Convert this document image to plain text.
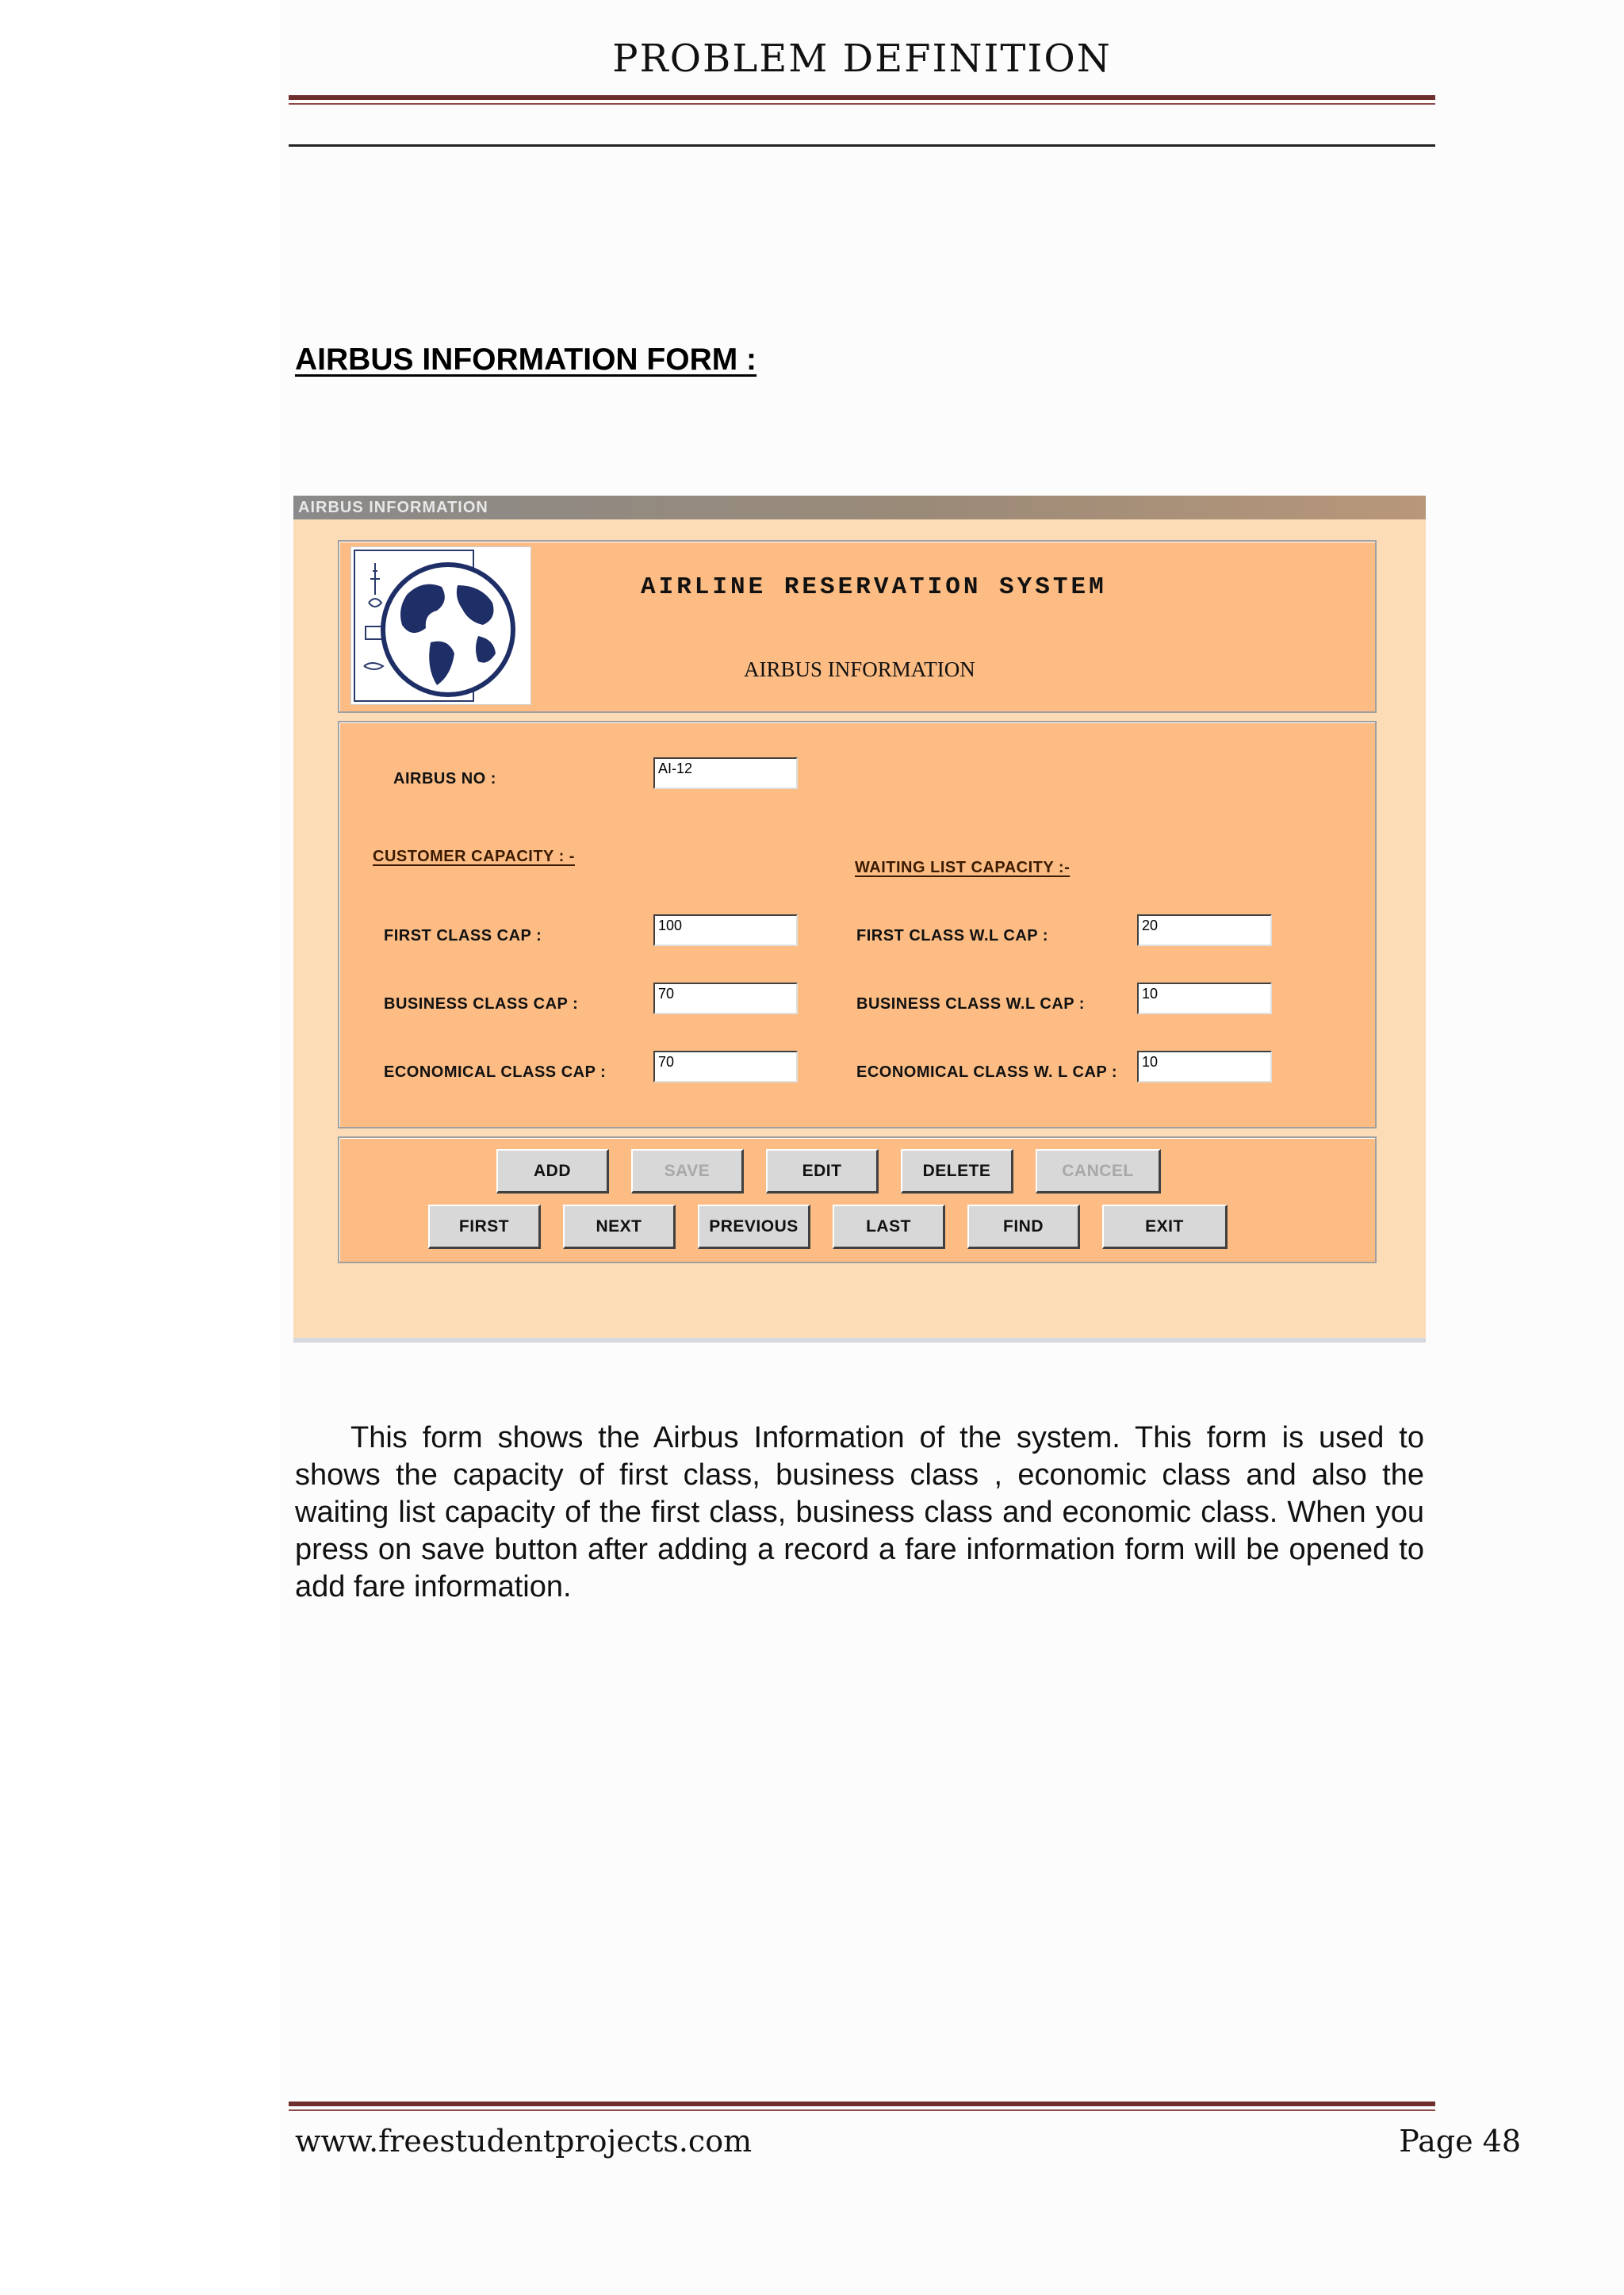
PROBLEM DEFINITION
AIRBUS INFORMATION FORM :
AIRBUS INFORMATION
AIRLINE RESERVATION SYSTEM
AIRBUS INFORMATION
AIRBUS NO :
AI-12
CUSTOMER CAPACITY : -
WAITING LIST CAPACITY :-
FIRST CLASS CAP :
100
FIRST CLASS W.L CAP :
20
BUSINESS CLASS CAP :
70
BUSINESS CLASS W.L CAP :
10
ECONOMICAL CLASS CAP :
70
ECONOMICAL CLASS W. L CAP :
10
ADD	SAVE	EDIT	DELETE	CANCEL
FIRST	NEXT	PREVIOUS	LAST	FIND	EXIT
This form shows the Airbus Information of the system. This form is used to shows the capacity of first class, business class , economic class and also the waiting list capacity of the first class, business class and economic class. When you press on save button after adding a record a fare information form will be opened to add fare information.
www.freestudentprojects.com	Page 48
